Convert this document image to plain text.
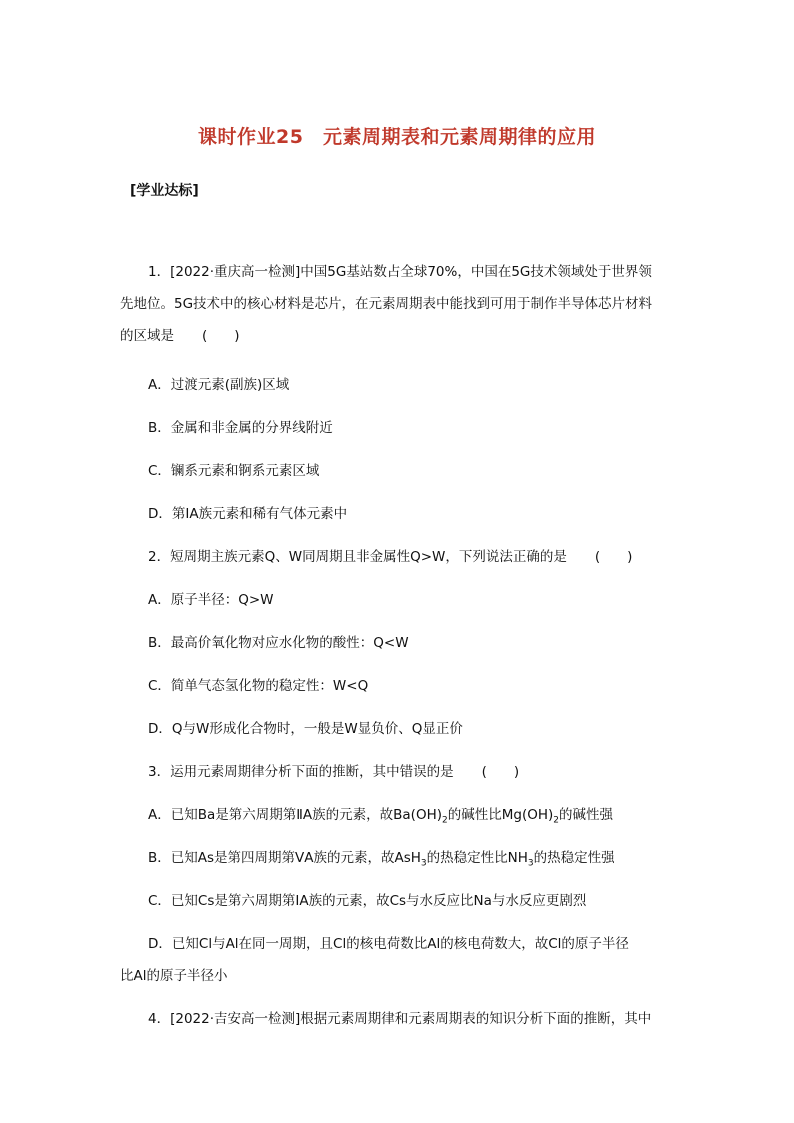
课时作业25　元素周期表和元素周期律的应用
[学业达标]
1．[2022·重庆高一检测]中国5G基站数占全球70%，中国在5G技术领域处于世界领
先地位。5G技术中的核心材料是芯片，在元素周期表中能找到可用于制作半导体芯片材料
的区域是 (　　)
A．过渡元素(副族)区域
B．金属和非金属的分界线附近
C．镧系元素和锕系元素区域
D．第ⅠA族元素和稀有气体元素中
2．短周期主族元素Q、W同周期且非金属性Q>W，下列说法正确的是 (　　)
A．原子半径：Q>W
B．最高价氧化物对应水化物的酸性：Q<W
C．简单气态氢化物的稳定性：W<Q
D．Q与W形成化合物时，一般是W显负价、Q显正价
3．运用元素周期律分析下面的推断，其中错误的是 (　　)
A．已知Ba是第六周期第ⅡA族的元素，故$Ba(OH)_2$的碱性比$Mg(OH)_2$的碱性强
B．已知As是第四周期第ⅤA族的元素，故AsH$_3$的热稳定性比$NH_3$的热稳定性强
C．已知Cs是第六周期第ⅠA族的元素，故Cs与水反应比Na与水反应更剧烈
D．已知Cl与Al在同一周期，且Cl的核电荷数比Al的核电荷数大，故Cl的原子半径
比Al的原子半径小
4．[2022·吉安高一检测]根据元素周期律和元素周期表的知识分析下面的推断，其中
